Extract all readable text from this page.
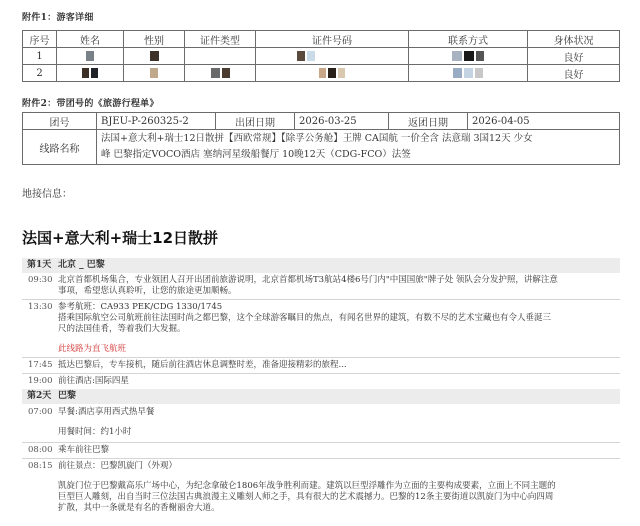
附件1：游客详细
序号	姓名	性别	证件类型	证件号码	联系方式	身体状况
1						良好
2						良好
附件2：带团号的《旅游行程单》
团号	BJEU-P-260325-2	出团日期	2026-03-25	返团日期	2026-04-05
线路名称	法国+意大利+瑞士12日散拼【西欧常规】【除孚公务舱】王牌 CA国航 一价全含 法意瑞 3国12天 少女
峰 巴黎指定VOCO酒店 塞纳河星级船餐厅 10晚12天（CDG-FCO）法签				
地接信息：
法国+意大利+瑞士12日散拼
第1天 北京 _ 巴黎
09:30 北京首都机场集合，专业领团人召开出团前旅游说明，北京首都机场T3航站4楼6号门内"中国国旅"牌子处 领队会分发护照，讲解注意
事项，希望您认真聆听，让您的旅途更加顺畅。
13:30 参考航班：CA933 PEK/CDG 1330/1745
搭乘国际航空公司航班前往法国时尚之都巴黎，这个全球游客瞩目的焦点，有闻名世界的建筑，有数不尽的艺术宝藏也有令人垂涎三
尺的法国佳肴，等着我们大发掘。
此线路为直飞航班
17:45 抵达巴黎后，专车接机，随后前往酒店休息调整时差，准备迎接精彩的旅程...
19:00 前往酒店:国际四星
第2天 巴黎
07:00 早餐:酒店享用西式热早餐
用餐时间：约1小时
08:00 乘车前往巴黎
08:15 前往景点：巴黎凯旋门（外观）
凯旋门位于巴黎戴高乐广场中心，为纪念拿破仑1806年战争胜利而建。建筑以巨型浮雕作为立面的主要构成要素，立面上不同主题的
巨型巨人雕刻，出自当时三位法国古典浪漫主义雕刻人师之手，具有很大的艺术震撼力。巴黎的12条主要街道以凯旋门为中心向四周
扩散，其中一条就是有名的香榭丽舍大道。
